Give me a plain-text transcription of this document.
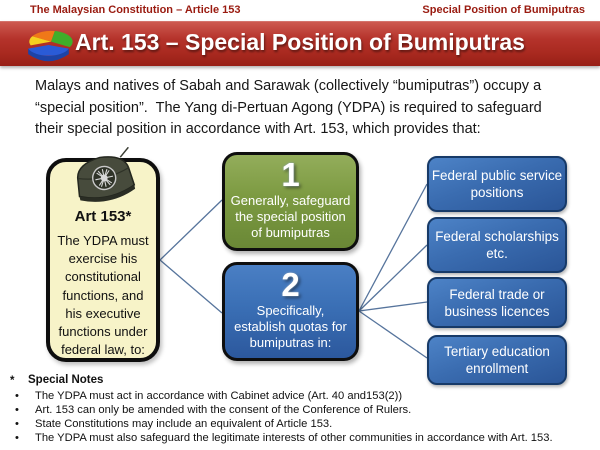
The Malaysian Constitution – Article 153	Special Position of Bumiputras
Art. 153 – Special Position of Bumiputras
Malays and natives of Sabah and Sarawak (collectively “bumiputras”) occupy a
“special position”.  The Yang di-Pertuan Agong (YDPA) is required to safeguard
their special position in accordance with Art. 153, which provides that:
Art 153*
The YDPA must
exercise his
constitutional
functions, and
his executive
functions under
federal law, to:
1
Generally, safeguard
the special position
of bumiputras
2
Specifically,
establish quotas for
bumiputras in:
Federal public service
positions
Federal scholarships
etc.
Federal trade or
business licences
Tertiary education
enrollment
* Special Notes
• The YDPA must act in accordance with Cabinet advice (Art. 40 and153(2))
• Art. 153 can only be amended with the consent of the Conference of Rulers.
• State Constitutions may include an equivalent of Article 153.
• The YDPA must also safeguard the legitimate interests of other communities in accordance with Art. 153.
